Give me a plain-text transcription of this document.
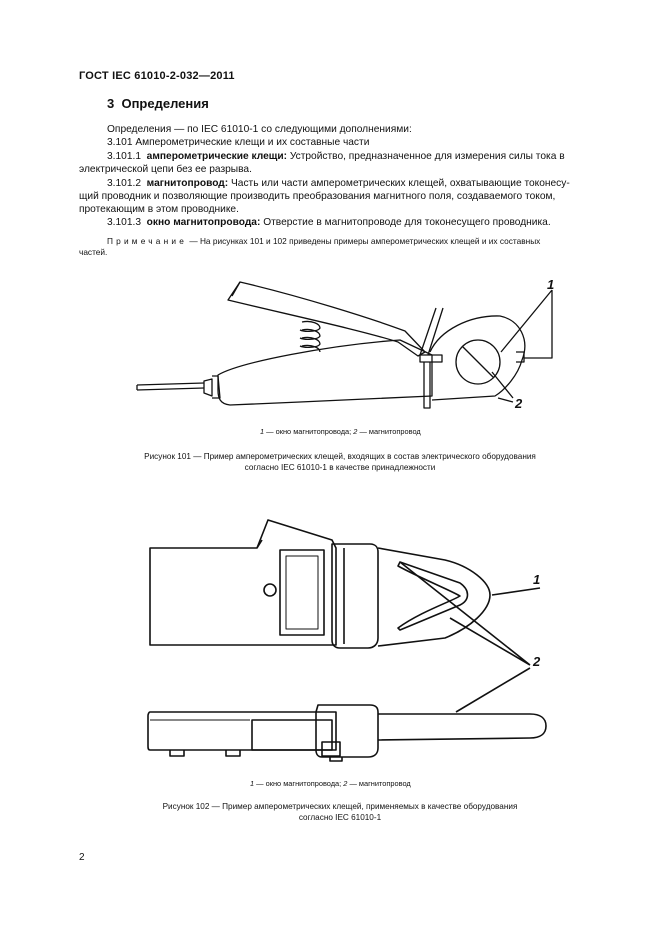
ГОСТ IEC 61010-2-032—2011
3 Определения
Определения — по IEC 61010-1 со следующими дополнениями:
3.101 Амперометрические клещи и их составные части
3.101.1 амперометрические клещи: Устройство, предназначенное для измерения силы тока в
электрической цепи без ее разрыва.
3.101.2 магнитопровод: Часть или части амперометрических клещей, охватывающие токонесу-
щий проводник и позволяющие производить преобразования магнитного поля, создаваемого током,
протекающим в этом проводнике.
3.101.3 окно магнитопровода: Отверстие в магнитопроводе для токонесущего проводника.
Примечание — На рисунках 101 и 102 приведены примеры амперометрических клещей и их составных
частей.
1
2
1 — окно магнитопровода; 2 — магнитопровод
Рисунок 101 — Пример амперометрических клещей, входящих в состав электрического оборудования
согласно IEC 61010-1 в качестве принадлежности
1
2
1 — окно магнитопровода; 2 — магнитопровод
Рисунок 102 — Пример амперометрических клещей, применяемых в качестве оборудования
согласно IEC 61010-1
2
